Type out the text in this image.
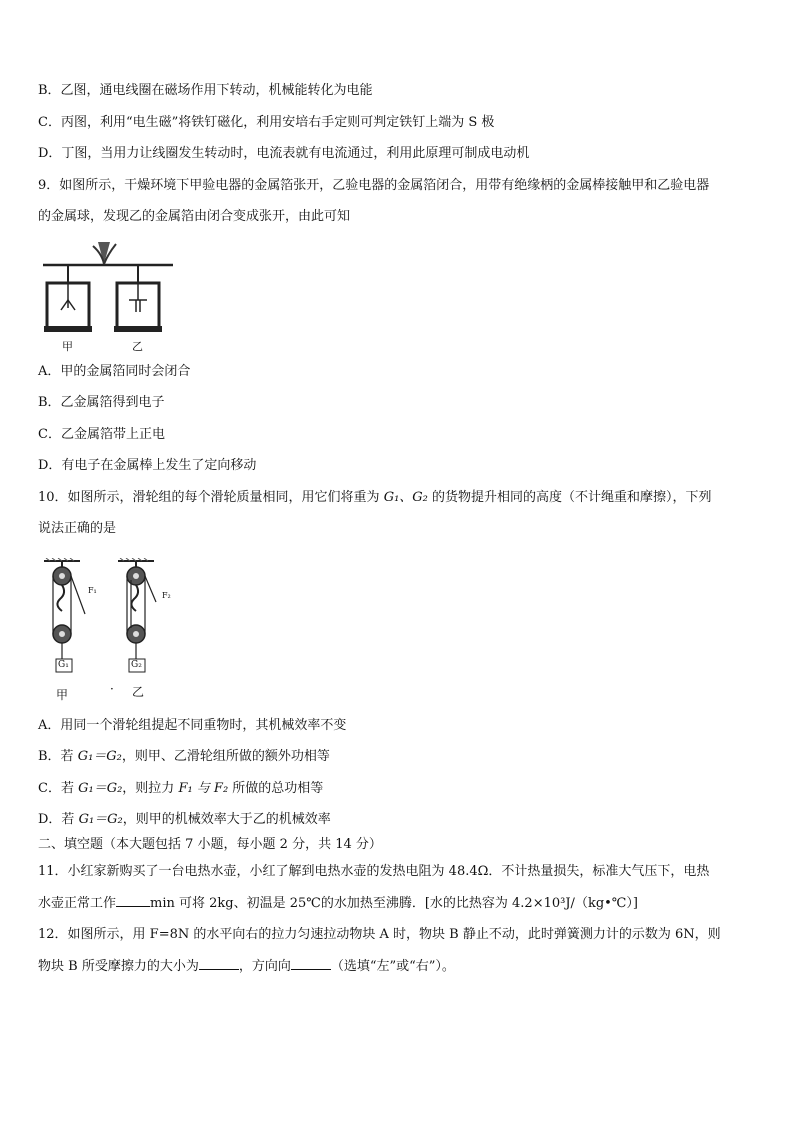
B．乙图，通电线圈在磁场作用下转动，机械能转化为电能
C．丙图，利用“电生磁”将铁钉磁化，利用安培右手定则可判定铁钉上端为 S 极
D．丁图，当用力让线圈发生转动时，电流表就有电流通过，利用此原理可制成电动机
9．如图所示，干燥环境下甲验电器的金属箔张开，乙验电器的金属箔闭合，用带有绝缘柄的金属棒接触甲和乙验电器
的金属球，发现乙的金属箔由闭合变成张开，由此可知
甲	乙
A．甲的金属箔同时会闭合
B．乙金属箔得到电子
C．乙金属箔带上正电
D．有电子在金属棒上发生了定向移动
10．如图所示，滑轮组的每个滑轮质量相同，用它们将重为 G₁、G₂ 的货物提升相同的高度（不计绳重和摩擦），下列
说法正确的是
F₁
F₂
G₁	G₂
甲	· 乙
A．用同一个滑轮组提起不同重物时，其机械效率不变
B．若 G₁＝G₂，则甲、乙滑轮组所做的额外功相等
C．若 G₁＝G₂，则拉力 F₁ 与 F₂ 所做的总功相等
D．若 G₁＝G₂，则甲的机械效率大于乙的机械效率
二、填空题（本大题包括 7 小题，每小题 2 分，共 14 分）
11．小红家新购买了一台电热水壶，小红了解到电热水壶的发热电阻为 48.4Ω．不计热量损失，标准大气压下，电热
水壶正常工作	min 可将 2kg、初温是 25℃的水加热至沸腾．[水的比热容为 4.2×10³J/（kg•℃）]
12．如图所示，用 F=8N 的水平向右的拉力匀速拉动物块 A 时，物块 B 静止不动，此时弹簧测力计的示数为 6N，则
物块 B 所受摩擦力的大小为	，方向向	（选填“左”或“右”）。
